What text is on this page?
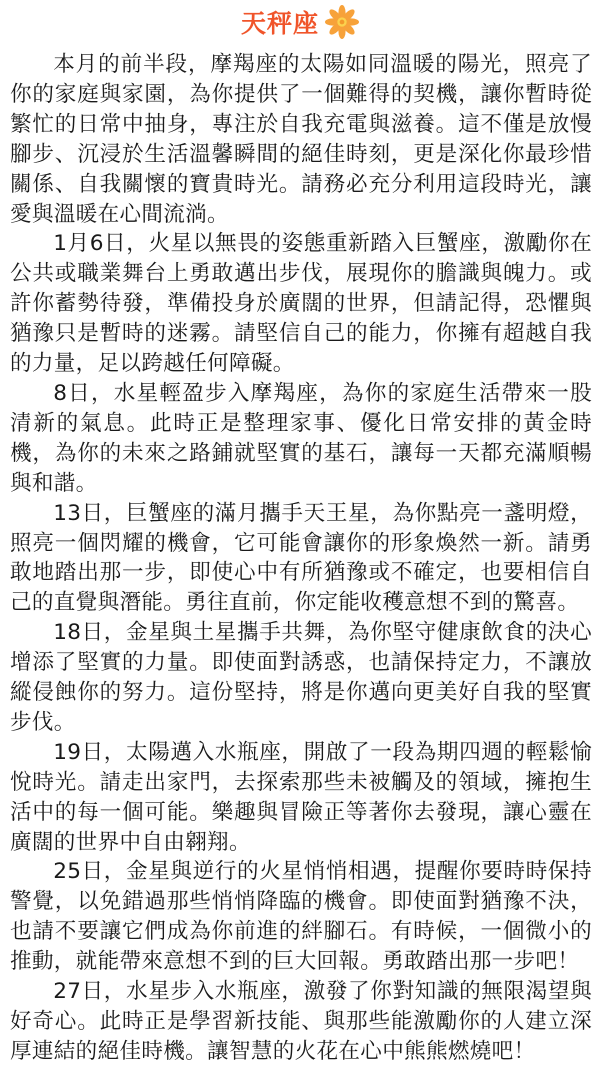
天秤座

本月的前半段，摩羯座的太陽如同溫暖的陽光，照亮了你的家庭與家園，為你提供了一個難得的契機，讓你暫時從繁忙的日常中抽身，專注於自我充電與滋養。這不僅是放慢腳步、沉浸於生活溫馨瞬間的絕佳時刻，更是深化你最珍惜關係、自我關懷的寶貴時光。請務必充分利用這段時光，讓愛與溫暖在心間流淌。

1月6日，火星以無畏的姿態重新踏入巨蟹座，激勵你在公共或職業舞台上勇敢邁出步伐，展現你的膽識與魄力。或許你蓄勢待發，準備投身於廣闊的世界，但請記得，恐懼與猶豫只是暫時的迷霧。請堅信自己的能力，你擁有超越自我的力量，足以跨越任何障礙。

8日，水星輕盈步入摩羯座，為你的家庭生活帶來一股清新的氣息。此時正是整理家事、優化日常安排的黃金時機，為你的未來之路鋪就堅實的基石，讓每一天都充滿順暢與和諧。

13日，巨蟹座的滿月攜手天王星，為你點亮一盞明燈，照亮一個閃耀的機會，它可能會讓你的形象煥然一新。請勇敢地踏出那一步，即使心中有所猶豫或不確定，也要相信自己的直覺與潛能。勇往直前，你定能收穫意想不到的驚喜。

18日，金星與土星攜手共舞，為你堅守健康飲食的決心增添了堅實的力量。即使面對誘惑，也請保持定力，不讓放縱侵蝕你的努力。這份堅持，將是你邁向更美好自我的堅實步伐。

19日，太陽邁入水瓶座，開啟了一段為期四週的輕鬆愉悅時光。請走出家門，去探索那些未被觸及的領域，擁抱生活中的每一個可能。樂趣與冒險正等著你去發現，讓心靈在廣闊的世界中自由翱翔。

25日，金星與逆行的火星悄悄相遇，提醒你要時時保持警覺，以免錯過那些悄悄降臨的機會。即使面對猶豫不決，也請不要讓它們成為你前進的絆腳石。有時候，一個微小的推動，就能帶來意想不到的巨大回報。勇敢踏出那一步吧！

27日，水星步入水瓶座，激發了你對知識的無限渴望與好奇心。此時正是學習新技能、與那些能激勵你的人建立深厚連結的絕佳時機。讓智慧的火花在心中熊熊燃燒吧！
